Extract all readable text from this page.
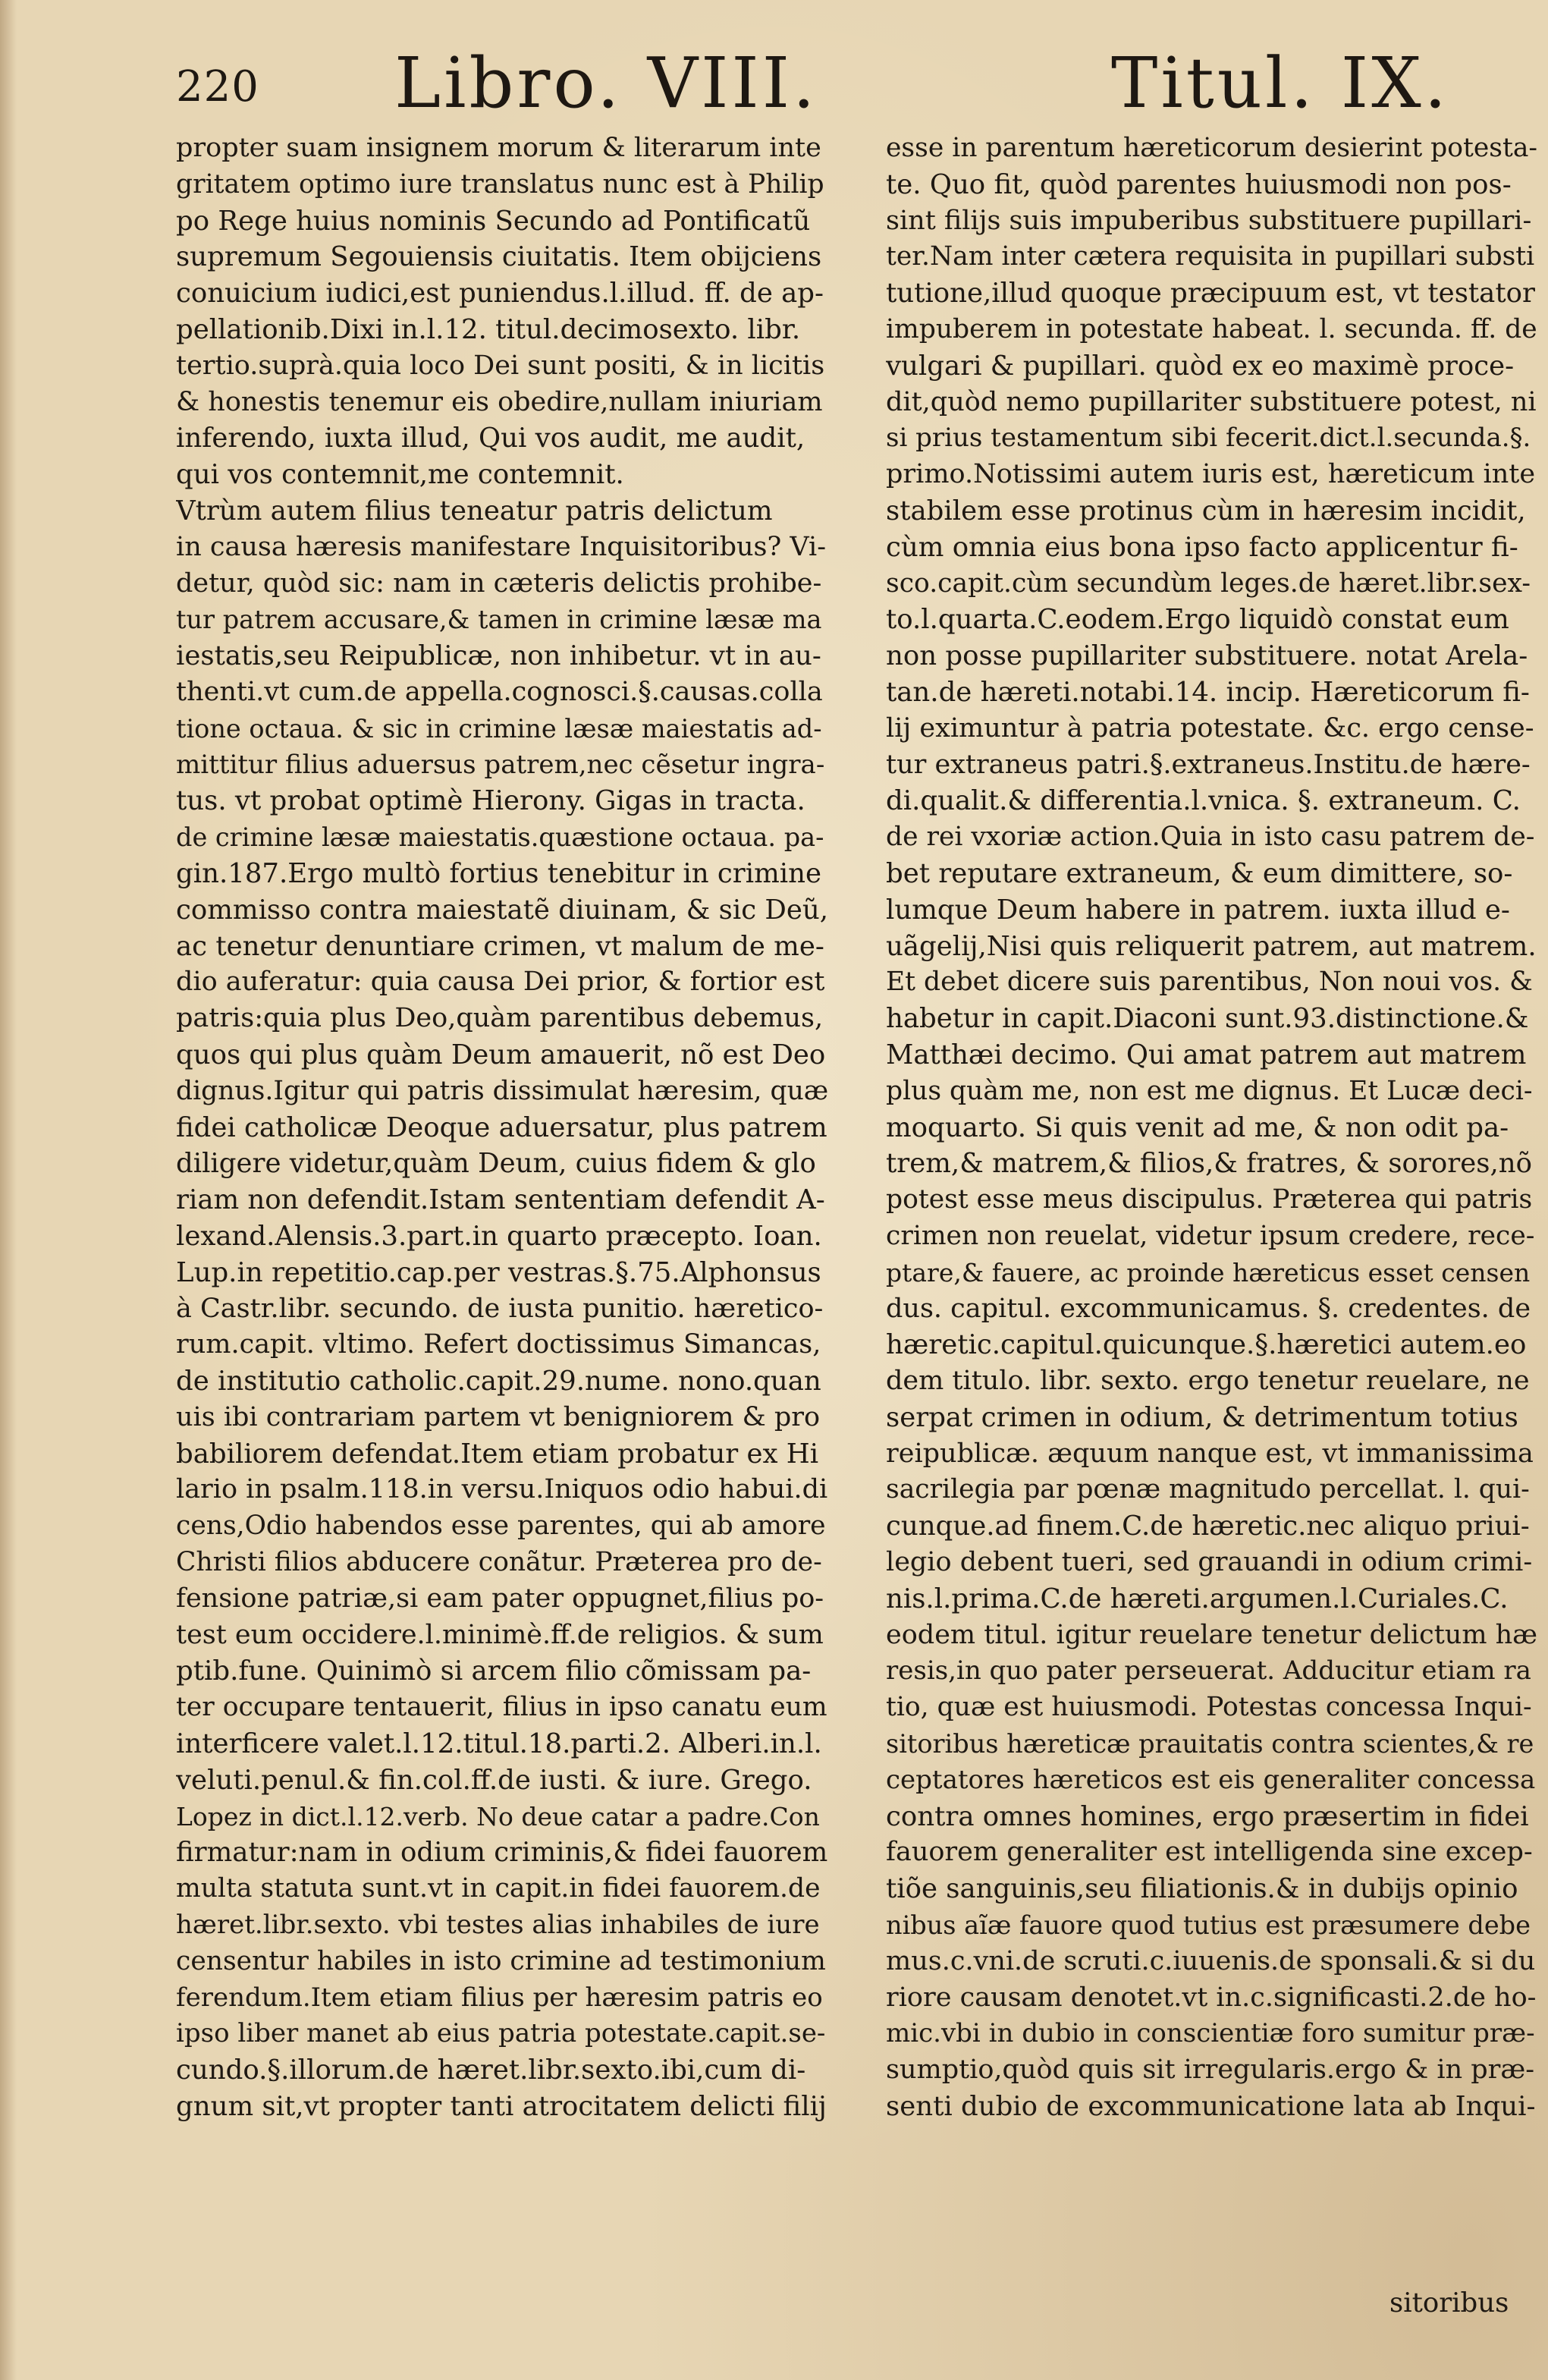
220 Libro. VIII.	Titul. IX.
propter suam insignem morum & literarum inte
gritatem optimo iure translatus nunc est à Philip
po Rege huius nominis Secundo ad Pontificatũ
supremum Segouiensis ciuitatis. Item obijciens
conuicium iudici,est puniendus.l.illud. ff. de ap-
pellationib.Dixi in.l.12. titul.decimosexto. libr.
tertio.suprà.quia loco Dei sunt positi, & in licitis
& honestis tenemur eis obedire,nullam iniuriam
inferendo, iuxta illud, Qui vos audit, me audit,
qui vos contemnit,me contemnit.
Vtrùm autem filius teneatur patris delictum
in causa hæresis manifestare Inquisitoribus? Vi-
detur, quòd sic: nam in cæteris delictis prohibe-
tur patrem accusare,& tamen in crimine læsæ ma
iestatis,seu Reipublicæ, non inhibetur. vt in au-
thenti.vt cum.de appella.cognosci.§.causas.colla
tione octaua. & sic in crimine læsæ maiestatis ad-
mittitur filius aduersus patrem,nec cẽsetur ingra-
tus. vt probat optimè Hierony. Gigas in tracta.
de crimine læsæ maiestatis.quæstione octaua. pa-
gin.187.Ergo multò fortius tenebitur in crimine
commisso contra maiestatẽ diuinam, & sic Deũ,
ac tenetur denuntiare crimen, vt malum de me-
dio auferatur: quia causa Dei prior, & fortior est
patris:quia plus Deo,quàm parentibus debemus,
quos qui plus quàm Deum amauerit, nõ est Deo
dignus.Igitur qui patris dissimulat hæresim, quæ
fidei catholicæ Deoque aduersatur, plus patrem
diligere videtur,quàm Deum, cuius fidem & glo
riam non defendit.Istam sententiam defendit A-
lexand.Alensis.3.part.in quarto præcepto. Ioan.
Lup.in repetitio.cap.per vestras.§.75.Alphonsus
à Castr.libr. secundo. de iusta punitio. hæretico-
rum.capit. vltimo. Refert doctissimus Simancas,
de institutio catholic.capit.29.nume. nono.quan
uis ibi contrariam partem vt benigniorem & pro
babiliorem defendat.Item etiam probatur ex Hi
lario in psalm.118.in versu.Iniquos odio habui.di
cens,Odio habendos esse parentes, qui ab amore
Christi filios abducere conãtur. Præterea pro de-
fensione patriæ,si eam pater oppugnet,filius po-
test eum occidere.l.minimè.ff.de religios. & sum
ptib.fune. Quinimò si arcem filio cõmissam pa-
ter occupare tentauerit, filius in ipso canatu eum
interficere valet.l.12.titul.18.parti.2. Alberi.in.l.
veluti.penul.& fin.col.ff.de iusti. & iure. Grego.
Lopez in dict.l.12.verb. No deue catar a padre.Con
firmatur:nam in odium criminis,& fidei fauorem
multa statuta sunt.vt in capit.in fidei fauorem.de
hæret.libr.sexto. vbi testes alias inhabiles de iure
censentur habiles in isto crimine ad testimonium
ferendum.Item etiam filius per hæresim patris eo
ipso liber manet ab eius patria potestate.capit.se-
cundo.§.illorum.de hæret.libr.sexto.ibi,cum di-
gnum sit,vt propter tanti atrocitatem delicti filij
esse in parentum hæreticorum desierint potesta-
te. Quo fit, quòd parentes huiusmodi non pos-
sint filijs suis impuberibus substituere pupillari-
ter.Nam inter cætera requisita in pupillari substi
tutione,illud quoque præcipuum est, vt testator
impuberem in potestate habeat. l. secunda. ff. de
vulgari & pupillari. quòd ex eo maximè proce-
dit,quòd nemo pupillariter substituere potest, ni
si prius testamentum sibi fecerit.dict.l.secunda.§.
primo.Notissimi autem iuris est, hæreticum inte
stabilem esse protinus cùm in hæresim incidit,
cùm omnia eius bona ipso facto applicentur fi-
sco.capit.cùm secundùm leges.de hæret.libr.sex-
to.l.quarta.C.eodem.Ergo liquidò constat eum
non posse pupillariter substituere. notat Arela-
tan.de hæreti.notabi.14. incip. Hæreticorum fi-
lij eximuntur à patria potestate. &c. ergo cense-
tur extraneus patri.§.extraneus.Institu.de hære-
di.qualit.& differentia.l.vnica. §. extraneum. C.
de rei vxoriæ action.Quia in isto casu patrem de-
bet reputare extraneum, & eum dimittere, so-
lumque Deum habere in patrem. iuxta illud e-
uãgelij,Nisi quis reliquerit patrem, aut matrem.
Et debet dicere suis parentibus, Non noui vos. &
habetur in capit.Diaconi sunt.93.distinctione.&
Matthæi decimo. Qui amat patrem aut matrem
plus quàm me, non est me dignus. Et Lucæ deci-
moquarto. Si quis venit ad me, & non odit pa-
trem,& matrem,& filios,& fratres, & sorores,nõ
potest esse meus discipulus. Præterea qui patris
crimen non reuelat, videtur ipsum credere, rece-
ptare,& fauere, ac proinde hæreticus esset censen
dus. capitul. excommunicamus. §. credentes. de
hæretic.capitul.quicunque.§.hæretici autem.eo
dem titulo. libr. sexto. ergo tenetur reuelare, ne
serpat crimen in odium, & detrimentum totius
reipublicæ. æquum nanque est, vt immanissima
sacrilegia par pœnæ magnitudo percellat. l. qui-
cunque.ad finem.C.de hæretic.nec aliquo priui-
legio debent tueri, sed grauandi in odium crimi-
nis.l.prima.C.de hæreti.argumen.l.Curiales.C.
eodem titul. igitur reuelare tenetur delictum hæ
resis,in quo pater perseuerat. Adducitur etiam ra
tio, quæ est huiusmodi. Potestas concessa Inqui-
sitoribus hæreticæ prauitatis contra scientes,& re
ceptatores hæreticos est eis generaliter concessa
contra omnes homines, ergo præsertim in fidei
fauorem generaliter est intelligenda sine excep-
tiõe sanguinis,seu filiationis.& in dubijs opinio
nibus aĩæ fauore quod tutius est præsumere debe
mus.c.vni.de scruti.c.iuuenis.de sponsali.& si du
riore causam denotet.vt in.c.significasti.2.de ho-
mic.vbi in dubio in conscientiæ foro sumitur præ-
sumptio,quòd quis sit irregularis.ergo & in præ-
senti dubio de excommunicatione lata ab Inqui-
sitoribus
